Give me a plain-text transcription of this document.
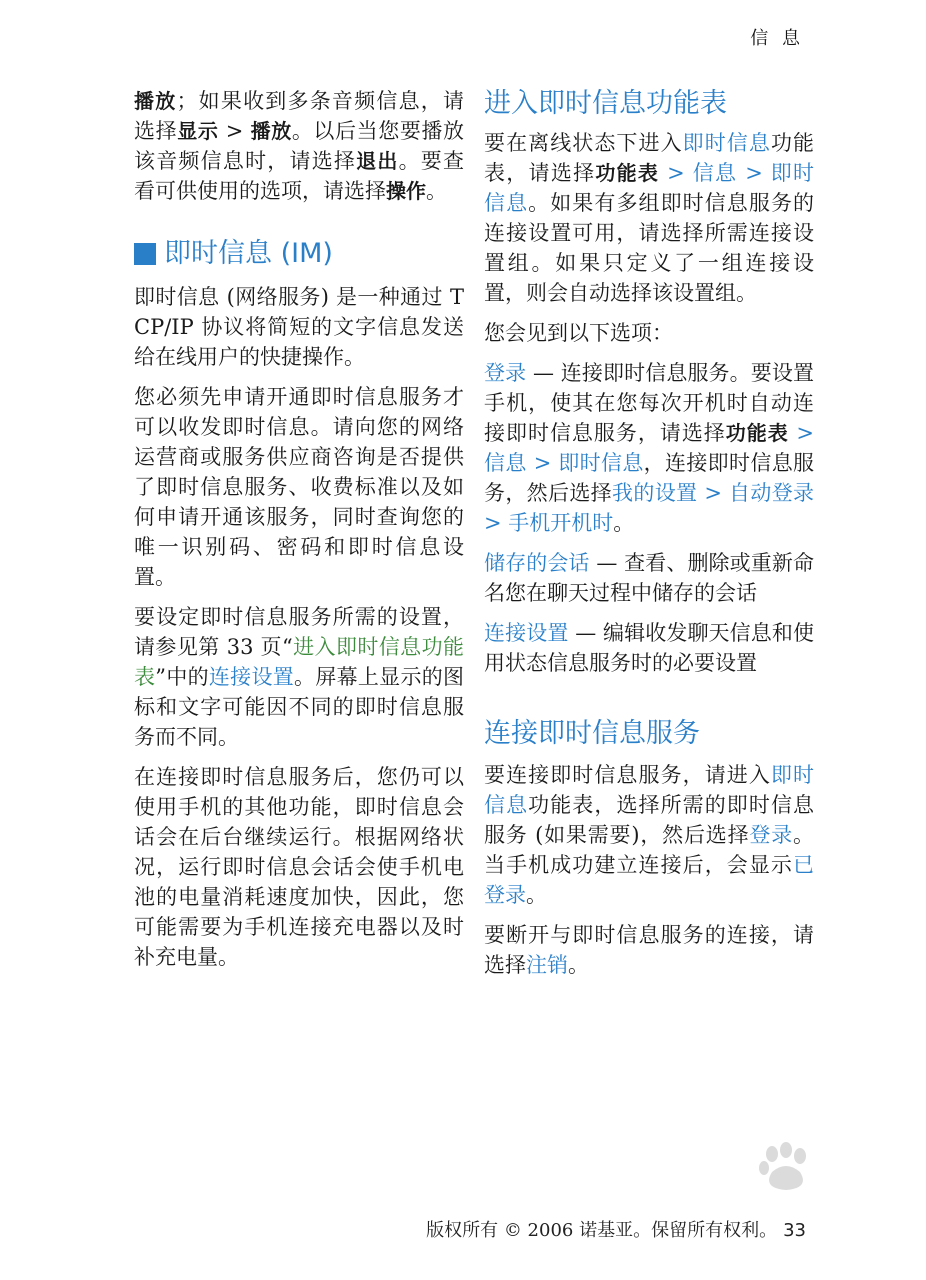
信 息

播放；如果收到多条音频信息，请选择显示 > 播放。以后当您要播放该音频信息时，请选择退出。要查看可供使用的选项，请选择操作。

即时信息 (IM)

即时信息 (网络服务) 是一种通过 TCP/IP 协议将简短的文字信息发送给在线用户的快捷操作。

您必须先申请开通即时信息服务才可以收发即时信息。请向您的网络运营商或服务供应商咨询是否提供了即时信息服务、收费标准以及如何申请开通该服务，同时查询您的唯一识别码、密码和即时信息设置。

要设定即时信息服务所需的设置，请参见第 33 页“进入即时信息功能表”中的连接设置。屏幕上显示的图标和文字可能因不同的即时信息服务而不同。

在连接即时信息服务后，您仍可以使用手机的其他功能，即时信息会话会在后台继续运行。根据网络状况，运行即时信息会话会使手机电池的电量消耗速度加快，因此，您可能需要为手机连接充电器以及时补充电量。

进入即时信息功能表

要在离线状态下进入即时信息功能表，请选择功能表 > 信息 > 即时信息。如果有多组即时信息服务的连接设置可用，请选择所需连接设置组。如果只定义了一组连接设置，则会自动选择该设置组。

您会见到以下选项：

登录 — 连接即时信息服务。要设置手机，使其在您每次开机时自动连接即时信息服务，请选择功能表 > 信息 > 即时信息，连接即时信息服务，然后选择我的设置 > 自动登录 > 手机开机时。

储存的会话 — 查看、删除或重新命名您在聊天过程中储存的会话

连接设置 — 编辑收发聊天信息和使用状态信息服务时的必要设置

连接即时信息服务

要连接即时信息服务，请进入即时信息功能表，选择所需的即时信息服务 (如果需要)，然后选择登录。当手机成功建立连接后，会显示已登录。

要断开与即时信息服务的连接，请选择注销。

版权所有 © 2006 诺基亚。保留所有权利。 33
